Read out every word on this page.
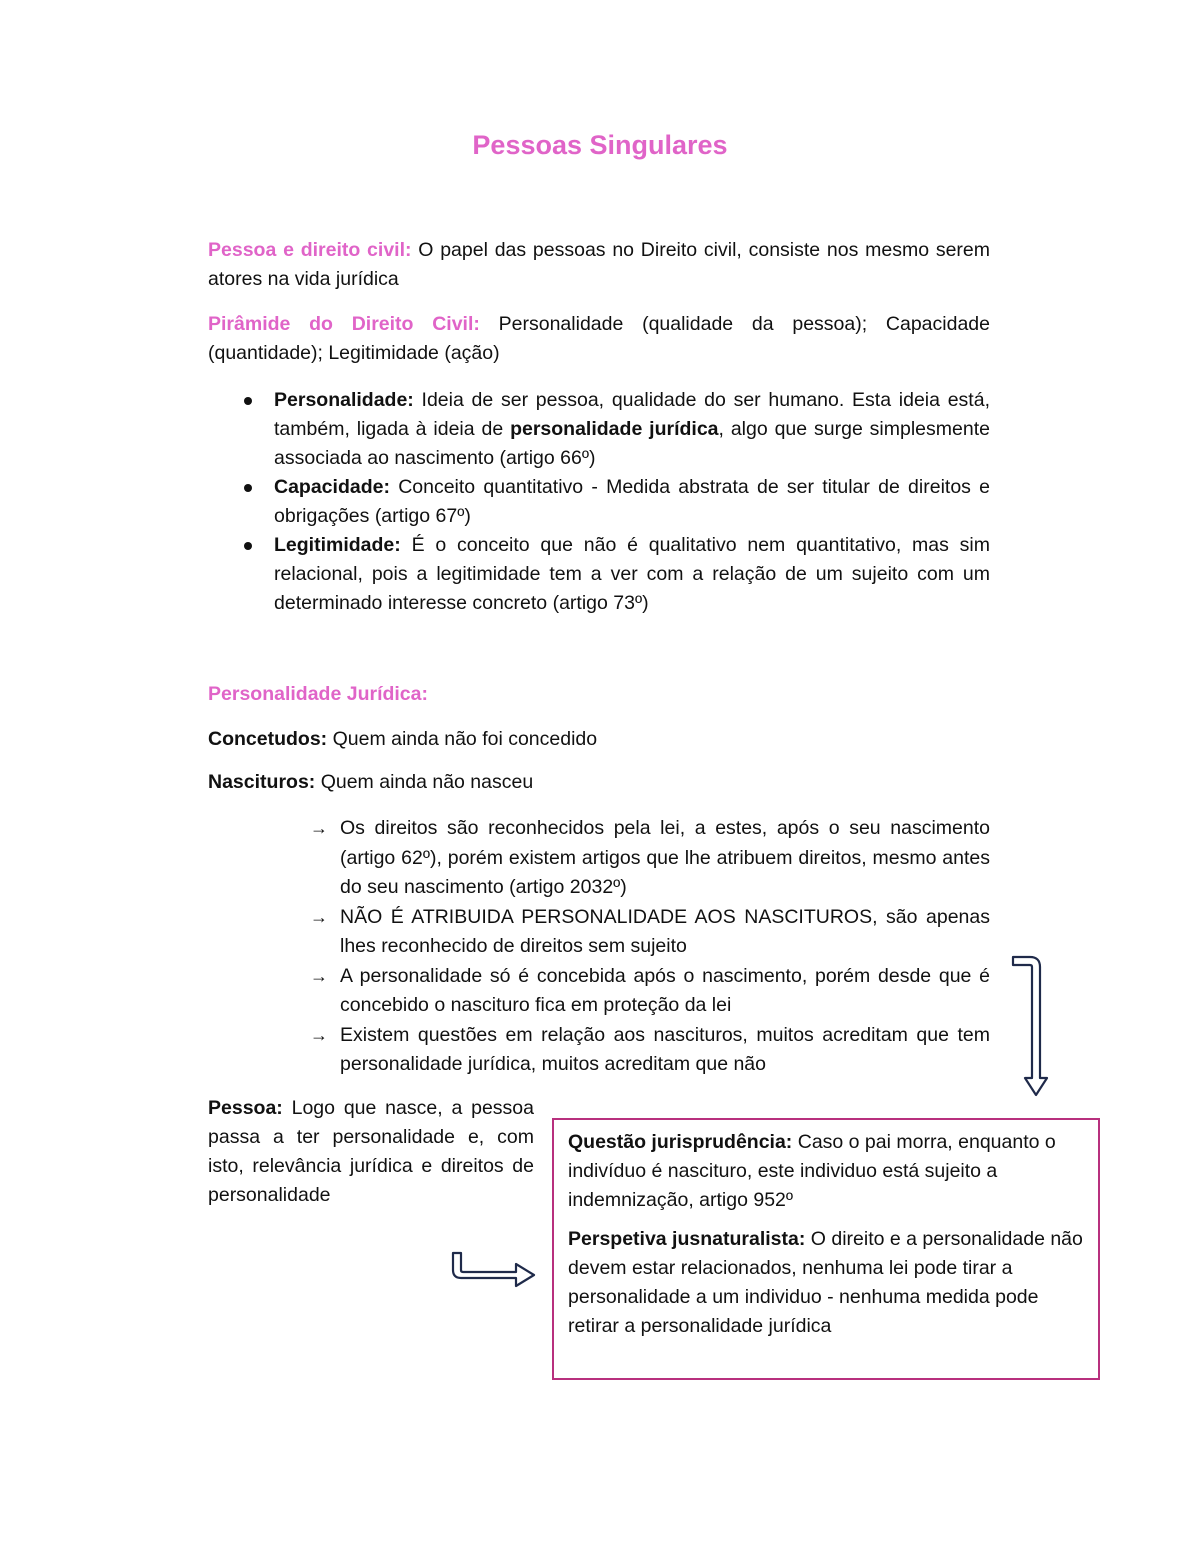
Pessoas Singulares

Pessoa e direito civil: O papel das pessoas no Direito civil, consiste nos mesmo serem atores na vida jurídica

Pirâmide do Direito Civil: Personalidade (qualidade da pessoa); Capacidade (quantidade); Legitimidade (ação)

Personalidade: Ideia de ser pessoa, qualidade do ser humano. Esta ideia está, também, ligada à ideia de personalidade jurídica, algo que surge simplesmente associada ao nascimento (artigo 66º)
Capacidade: Conceito quantitativo - Medida abstrata de ser titular de direitos e obrigações (artigo 67º)
Legitimidade: É o conceito que não é qualitativo nem quantitativo, mas sim relacional, pois a legitimidade tem a ver com a relação de um sujeito com um determinado interesse concreto (artigo 73º)

Personalidade Jurídica:

Concetudos: Quem ainda não foi concedido

Nascituros: Quem ainda não nasceu

→ Os direitos são reconhecidos pela lei, a estes, após o seu nascimento (artigo 62º), porém existem artigos que lhe atribuem direitos, mesmo antes do seu nascimento (artigo 2032º)
→ NÃO É ATRIBUIDA PERSONALIDADE AOS NASCITUROS, são apenas lhes reconhecido de direitos sem sujeito
→ A personalidade só é concebida após o nascimento, porém desde que é concebido o nascituro fica em proteção da lei
→ Existem questões em relação aos nascituros, muitos acreditam que tem personalidade jurídica, muitos acreditam que não

Pessoa: Logo que nasce, a pessoa passa a ter personalidade e, com isto, relevância jurídica e direitos de personalidade

Questão jurisprudência: Caso o pai morra, enquanto o indivíduo é nascituro, este individuo está sujeito a indemnização, artigo 952º

Perspetiva jusnaturalista: O direito e a personalidade não devem estar relacionados, nenhuma lei pode tirar a personalidade a um individuo - nenhuma medida pode retirar a personalidade jurídica
